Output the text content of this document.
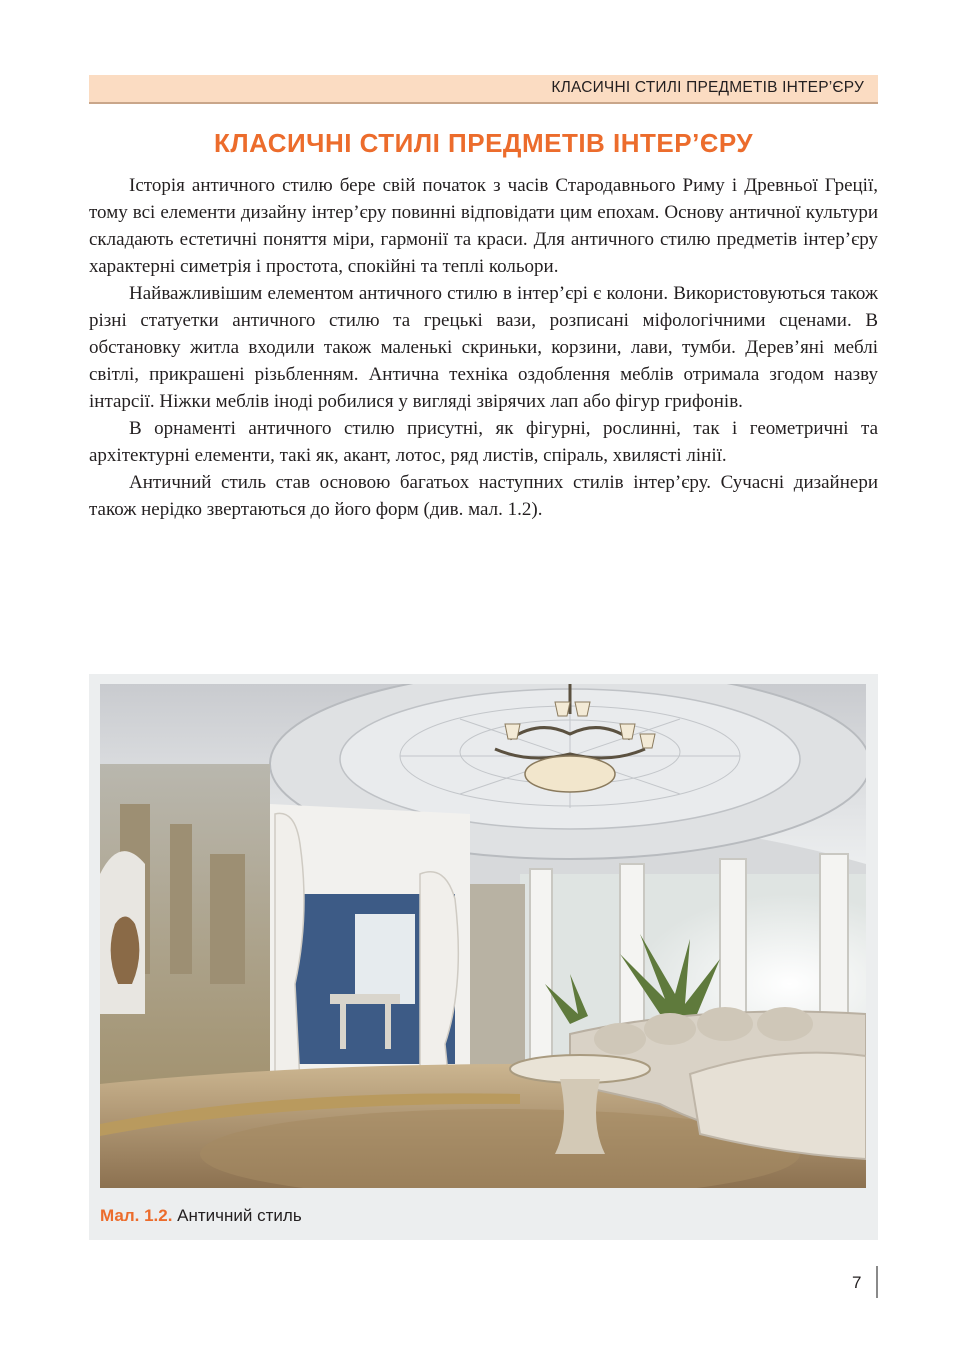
КЛАСИЧНІ СТИЛІ ПРЕДМЕТІВ ІНТЕР’ЄРУ
КЛАСИЧНІ СТИЛІ ПРЕДМЕТІВ ІНТЕР’ЄРУ

Історія античного стилю бере свій початок з часів Стародавнього Риму і Древньої Греції, тому всі елементи дизайну інтер’єру повинні відповідати цим епохам. Основу античної культури складають естетичні поняття міри, гармонії та краси. Для античного стилю предметів інтер’єру характерні симетрія і простота, спокійні та теплі кольори.

Найважливішим елементом античного стилю в інтер’єрі є колони. Використовуються також різні статуетки античного стилю та грецькі вази, розписані міфологічними сценами. В обстановку житла входили також маленькі скриньки, корзини, лави, тумби. Дерев’яні меблі світлі, прикрашені різьбленням. Антична техніка оздоблення меблів отримала згодом назву інтарсії. Ніжки меблів іноді робилися у вигляді звірячих лап або фігур грифонів.

В орнаменті античного стилю присутні, як фігурні, рослинні, так і геометричні та архітектурні елементи, такі як, акант, лотос, ряд листів, спіраль, хвилясті лінії.

Античний стиль став основою багатьох наступних стилів інтер’єру. Сучасні дизайнери також нерідко звертаються до його форм (див. мал. 1.2).

Мал. 1.2. Античний стиль
7
